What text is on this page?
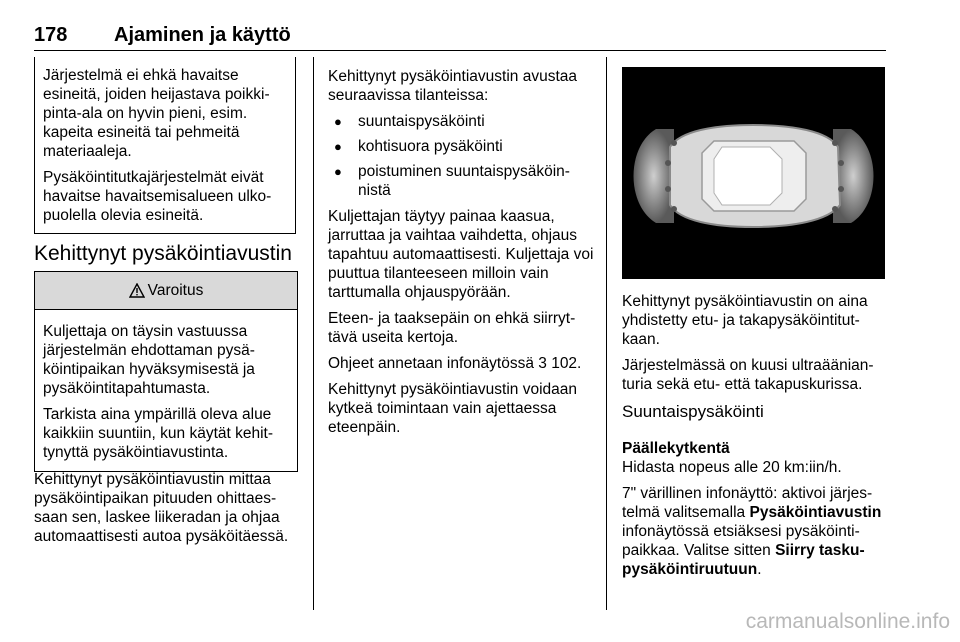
178 Ajaminen ja käyttö

Järjestelmä ei ehkä havaitse esineitä, joiden heijastava poikki‐pinta-ala on hyvin pieni, esim. kapeita esineitä tai pehmeitä materiaaleja.

Pysäköintitutkajärjestelmät eivät havaitse havaitsemisalueen ulko‐puolella olevia esineitä.

Kehittynyt pysäköintiavustin
Varoitus

Kuljettaja on täysin vastuussa järjestelmän ehdottaman pysä‐köintipaikan hyväksymisestä ja pysäköintitapahtumasta.

Tarkista aina ympärillä oleva alue kaikkiin suuntiin, kun käytät kehit‐tynyttä pysäköintiavustinta.

Kehittynyt pysäköintiavustin mittaa pysäköintipaikan pituuden ohittaes‐saan sen, laskee liikeradan ja ohjaa automaattisesti autoa pysäköitäessä.

Kehittynyt pysäköintiavustin avustaa seuraavissa tilanteissa:

● suuntaispysäköinti
● kohtisuora pysäköinti
● poistuminen suuntaispysäköin‐nistä

Kuljettajan täytyy painaa kaasua, jarruttaa ja vaihtaa vaihdetta, ohjaus tapahtuu automaattisesti. Kuljettaja voi puuttua tilanteeseen milloin vain tarttumalla ohjauspyörään.

Eteen- ja taaksepäin on ehkä siirryt‐tävä useita kertoja.

Ohjeet annetaan infonäytössä 3 102.

Kehittynyt pysäköintiavustin voidaan kytkeä toimintaan vain ajettaessa eteenpäin.

Kehittynyt pysäköintiavustin on aina yhdistetty etu- ja takapysäköintitut‐kaan.

Järjestelmässä on kuusi ultraäänian‐turia sekä etu- että takapuskurissa.

Suuntaispysäköinti
Päällekytkentä

Hidasta nopeus alle 20 km:iin/h.

7" värillinen infonäyttö: aktivoi järjes‐telmä valitsemalla Pysäköintiavustin infonäytössä etsiäksesi pysäköinti‐paikkaa. Valitse sitten Siirry tasku‐pysäköintiruutuun.

carmanualsonline.info
